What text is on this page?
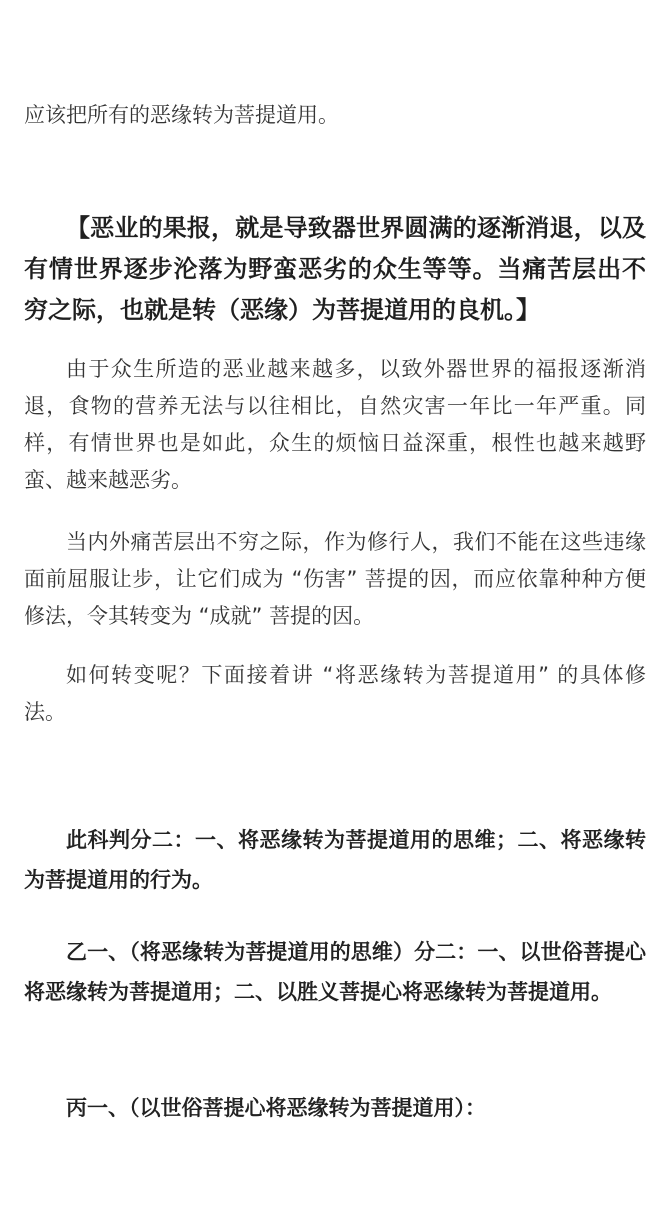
应该把所有的恶缘转为菩提道用。

【恶业的果报，就是导致器世界圆满的逐渐消退，以及有情世界逐步沦落为野蛮恶劣的众生等等。当痛苦层出不穷之际，也就是转（恶缘）为菩提道用的良机。】

由于众生所造的恶业越来越多，以致外器世界的福报逐渐消退，食物的营养无法与以往相比，自然灾害一年比一年严重。同样，有情世界也是如此，众生的烦恼日益深重，根性也越来越野蛮、越来越恶劣。

当内外痛苦层出不穷之际，作为修行人，我们不能在这些违缘面前屈服让步，让它们成为 “伤害” 菩提的因，而应依靠种种方便修法，令其转变为 “成就” 菩提的因。

如何转变呢？下面接着讲 “将恶缘转为菩提道用” 的具体修法。

此科判分二：一、将恶缘转为菩提道用的思维；二、将恶缘转为菩提道用的行为。

乙一、（将恶缘转为菩提道用的思维）分二：一、以世俗菩提心将恶缘转为菩提道用；二、以胜义菩提心将恶缘转为菩提道用。

丙一、（以世俗菩提心将恶缘转为菩提道用）：
